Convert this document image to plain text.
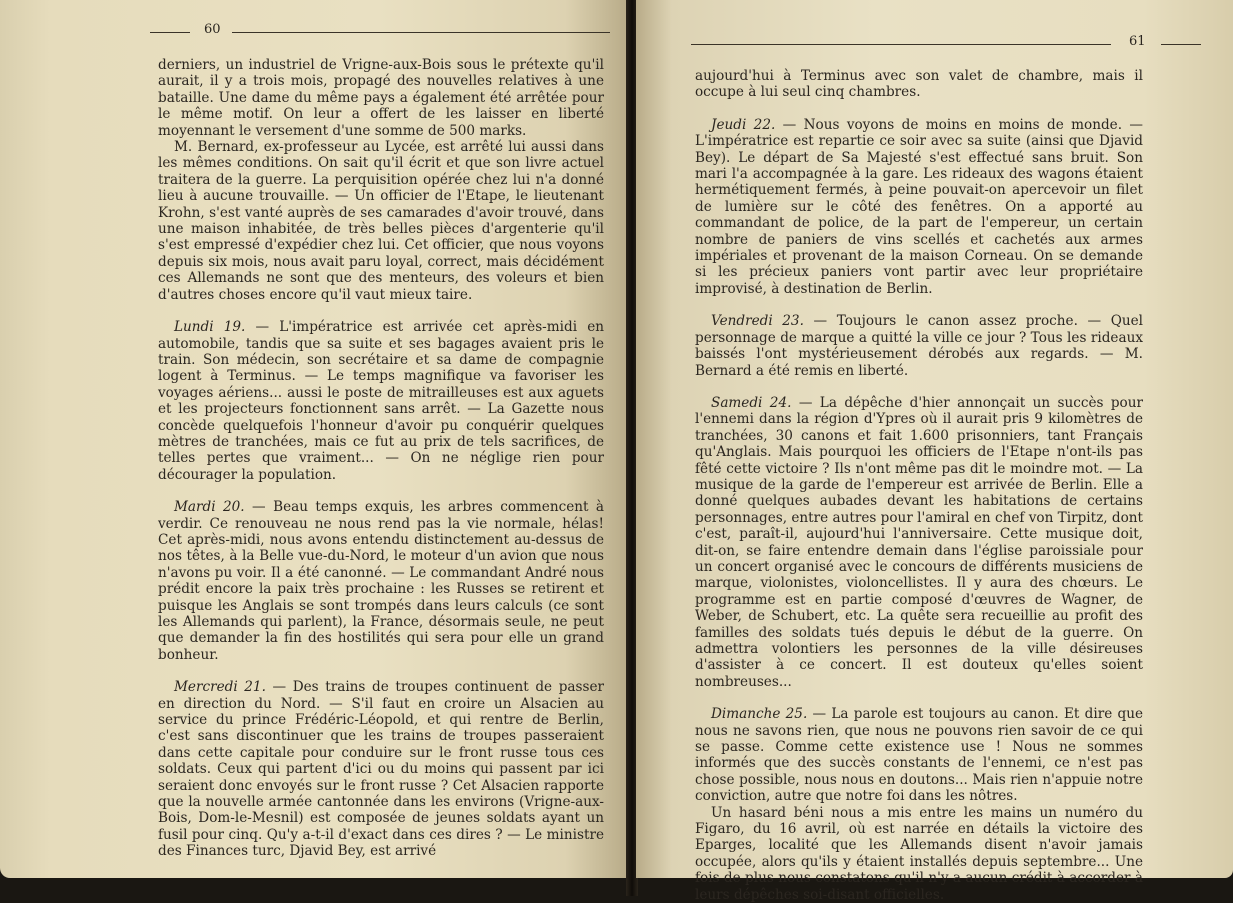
60

derniers, un industriel de Vrigne-aux-Bois sous le prétexte qu'il aurait, il y a trois mois, propagé des nouvelles relatives à une bataille. Une dame du même pays a également été arrêtée pour le même motif. On leur a offert de les laisser en liberté moyennant le versement d'une somme de 500 marks.

M. Bernard, ex-professeur au Lycée, est arrêté lui aussi dans les mêmes conditions. On sait qu'il écrit et que son livre actuel traitera de la guerre. La perquisition opérée chez lui n'a donné lieu à aucune trouvaille. — Un officier de l'Etape, le lieutenant Krohn, s'est vanté auprès de ses camarades d'avoir trouvé, dans une maison inhabitée, de très belles pièces d'argenterie qu'il s'est empressé d'expédier chez lui. Cet officier, que nous voyons depuis six mois, nous avait paru loyal, correct, mais décidément ces Allemands ne sont que des menteurs, des voleurs et bien d'autres choses encore qu'il vaut mieux taire.

Lundi 19. — L'impératrice est arrivée cet après-midi en automobile, tandis que sa suite et ses bagages avaient pris le train. Son médecin, son secrétaire et sa dame de compagnie logent à Terminus. — Le temps magnifique va favoriser les voyages aériens... aussi le poste de mitrailleuses est aux aguets et les projecteurs fonctionnent sans arrêt. — La Gazette nous concède quelquefois l'honneur d'avoir pu conquérir quelques mètres de tranchées, mais ce fut au prix de tels sacrifices, de telles pertes que vraiment... — On ne néglige rien pour décourager la population.

Mardi 20. — Beau temps exquis, les arbres commencent à verdir. Ce renouveau ne nous rend pas la vie normale, hélas! Cet après-midi, nous avons entendu distinctement au-dessus de nos têtes, à la Belle vue-du-Nord, le moteur d'un avion que nous n'avons pu voir. Il a été canonné. — Le commandant André nous prédit encore la paix très prochaine : les Russes se retirent et puisque les Anglais se sont trompés dans leurs calculs (ce sont les Allemands qui parlent), la France, désormais seule, ne peut que demander la fin des hostilités qui sera pour elle un grand bonheur.

Mercredi 21. — Des trains de troupes continuent de passer en direction du Nord. — S'il faut en croire un Alsacien au service du prince Frédéric-Léopold, et qui rentre de Berlin, c'est sans discontinuer que les trains de troupes passeraient dans cette capitale pour conduire sur le front russe tous ces soldats. Ceux qui partent d'ici ou du moins qui passent par ici seraient donc envoyés sur le front russe ? Cet Alsacien rapporte que la nouvelle armée cantonnée dans les environs (Vrigne-aux-Bois, Dom-le-Mesnil) est composée de jeunes soldats ayant un fusil pour cinq. Qu'y a-t-il d'exact dans ces dires ? — Le ministre des Finances turc, Djavid Bey, est arrivé

61

aujourd'hui à Terminus avec son valet de chambre, mais il occupe à lui seul cinq chambres.

Jeudi 22. — Nous voyons de moins en moins de monde. — L'impératrice est repartie ce soir avec sa suite (ainsi que Djavid Bey). Le départ de Sa Majesté s'est effectué sans bruit. Son mari l'a accompagnée à la gare. Les rideaux des wagons étaient hermétiquement fermés, à peine pouvait-on apercevoir un filet de lumière sur le côté des fenêtres. On a apporté au commandant de police, de la part de l'empereur, un certain nombre de paniers de vins scellés et cachetés aux armes impériales et provenant de la maison Corneau. On se demande si les précieux paniers vont partir avec leur propriétaire improvisé, à destination de Berlin.

Vendredi 23. — Toujours le canon assez proche. — Quel personnage de marque a quitté la ville ce jour ? Tous les rideaux baissés l'ont mystérieusement dérobés aux regards. — M. Bernard a été remis en liberté.

Samedi 24. — La dépêche d'hier annonçait un succès pour l'ennemi dans la région d'Ypres où il aurait pris 9 kilomètres de tranchées, 30 canons et fait 1.600 prisonniers, tant Français qu'Anglais. Mais pourquoi les officiers de l'Etape n'ont-ils pas fêté cette victoire ? Ils n'ont même pas dit le moindre mot. — La musique de la garde de l'empereur est arrivée de Berlin. Elle a donné quelques aubades devant les habitations de certains personnages, entre autres pour l'amiral en chef von Tirpitz, dont c'est, paraît-il, aujourd'hui l'anniversaire. Cette musique doit, dit-on, se faire entendre demain dans l'église paroissiale pour un concert organisé avec le concours de différents musiciens de marque, violonistes, violoncellistes. Il y aura des chœurs. Le programme est en partie composé d'œuvres de Wagner, de Weber, de Schubert, etc. La quête sera recueillie au profit des familles des soldats tués depuis le début de la guerre. On admettra volontiers les personnes de la ville désireuses d'assister à ce concert. Il est douteux qu'elles soient nombreuses...

Dimanche 25. — La parole est toujours au canon. Et dire que nous ne savons rien, que nous ne pouvons rien savoir de ce qui se passe. Comme cette existence use ! Nous ne sommes informés que des succès constants de l'ennemi, ce n'est pas chose possible, nous nous en doutons... Mais rien n'appuie notre conviction, autre que notre foi dans les nôtres.

Un hasard béni nous a mis entre les mains un numéro du Figaro, du 16 avril, où est narrée en détails la victoire des Eparges, localité que les Allemands disent n'avoir jamais occupée, alors qu'ils y étaient installés depuis septembre... Une fois de plus nous constatons qu'il n'y a aucun crédit à accorder à leurs dépêches soi-disant officielles.
